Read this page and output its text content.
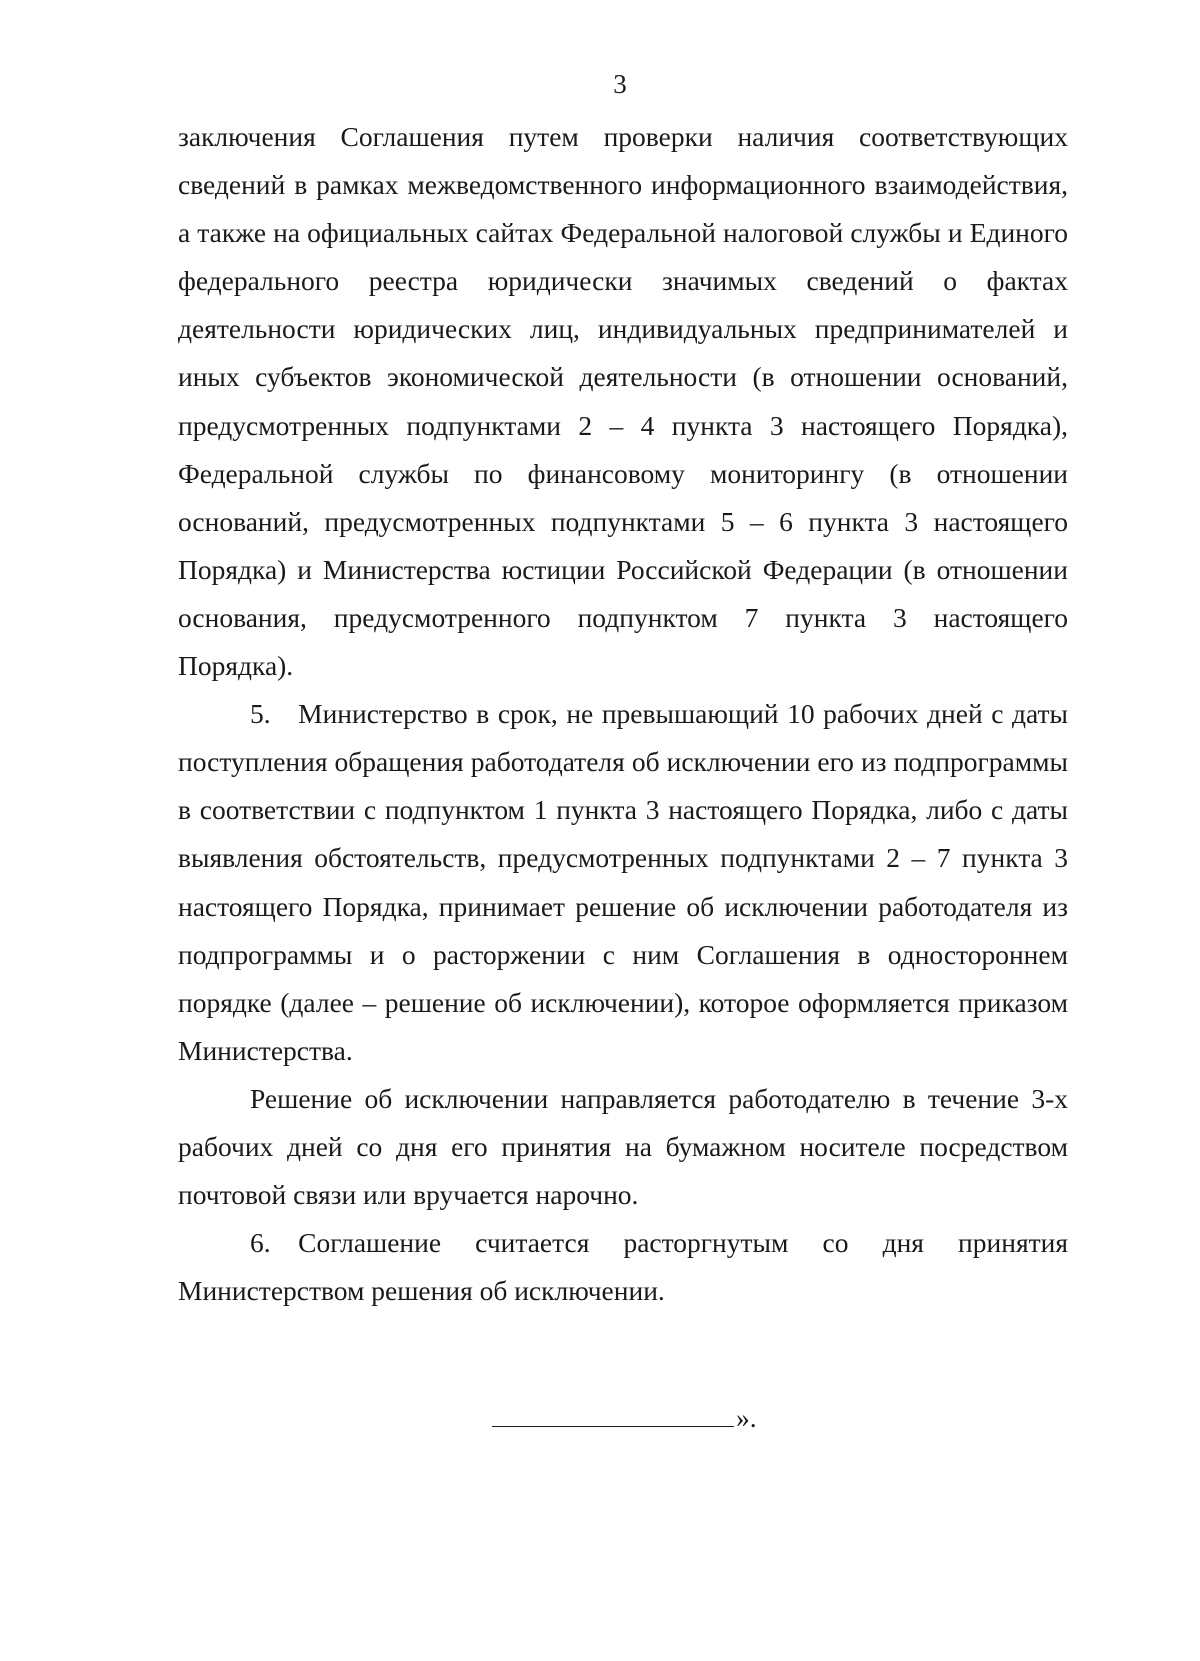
3

заключения Соглашения путем проверки наличия соответствующих сведений в рамках межведомственного информационного взаимодействия, а также на официальных сайтах Федеральной налоговой службы и Единого федерального реестра юридически значимых сведений о фактах деятельности юридических лиц, индивидуальных предпринимателей и иных субъектов экономической деятельности (в отношении оснований, предусмотренных подпунктами 2 – 4 пункта 3 настоящего Порядка), Федеральной службы по финансовому мониторингу (в отношении оснований, предусмотренных подпунктами 5 – 6 пункта 3 настоящего Порядка) и Министерства юстиции Российской Федерации (в отношении основания, предусмотренного подпунктом 7 пункта 3 настоящего Порядка).

5. Министерство в срок, не превышающий 10 рабочих дней с даты поступления обращения работодателя об исключении его из подпрограммы в соответствии с подпунктом 1 пункта 3 настоящего Порядка, либо с даты выявления обстоятельств, предусмотренных подпунктами 2 – 7 пункта 3 настоящего Порядка, принимает решение об исключении работодателя из подпрограммы и о расторжении с ним Соглашения в одностороннем порядке (далее – решение об исключении), которое оформляется приказом Министерства.

Решение об исключении направляется работодателю в течение 3-х рабочих дней со дня его принятия на бумажном носителе посредством почтовой связи или вручается нарочно.

6. Соглашение считается расторгнутым со дня принятия Министерством решения об исключении.

».
